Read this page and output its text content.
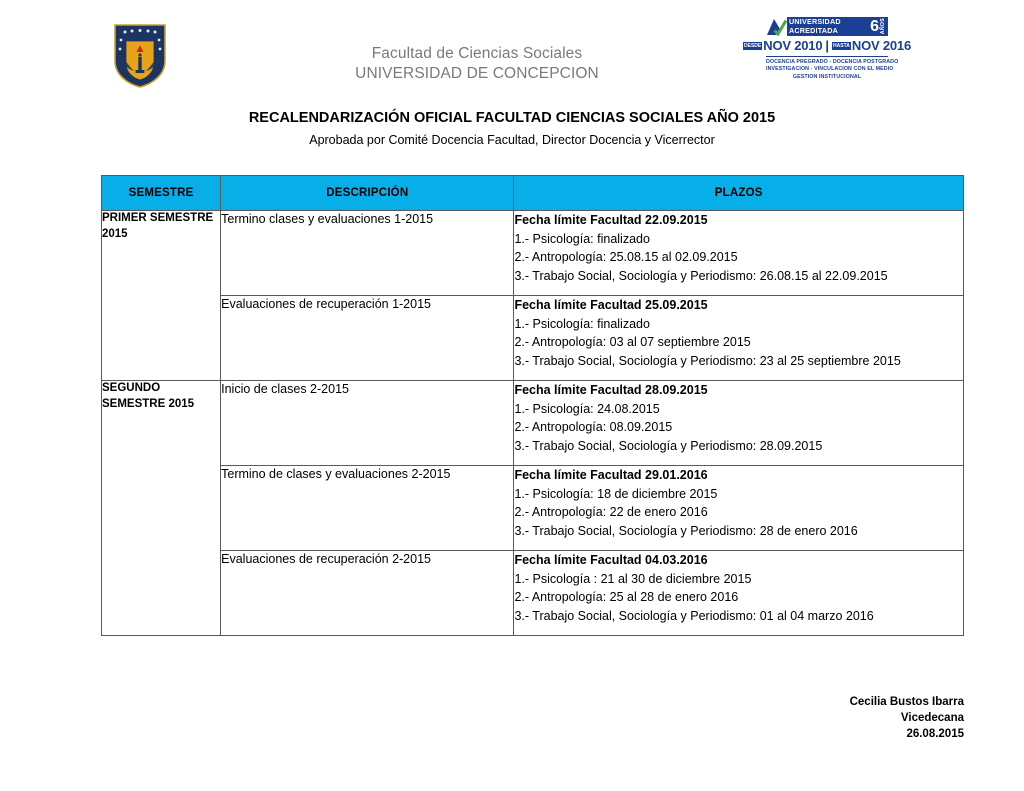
Facultad de Ciencias Sociales
UNIVERSIDAD DE CONCEPCION
UNIVERSIDAD
ACREDITADA	6 AÑOS
DESDE NOV 2010 | HASTA NOV 2016
DOCENCIA PREGRADO - DOCENCIA POSTGRADO
INVESTIGACION - VINCULACION CON EL MEDIO
GESTION INSTITUCIONAL
RECALENDARIZACIÓN OFICIAL FACULTAD CIENCIAS SOCIALES AÑO 2015
Aprobada por Comité Docencia Facultad, Director Docencia y Vicerrector
SEMESTRE	DESCRIPCIÓN	PLAZOS
PRIMER SEMESTRE 2015	Termino clases y evaluaciones 1-2015	Fecha límite Facultad 22.09.2015
1.- Psicología: finalizado
2.- Antropología: 25.08.15 al 02.09.2015
3.- Trabajo Social, Sociología y Periodismo: 26.08.15 al 22.09.2015

	Evaluaciones de recuperación 1-2015	Fecha límite Facultad 25.09.2015
1.- Psicología: finalizado
2.- Antropología: 03 al 07 septiembre 2015
3.- Trabajo Social, Sociología y Periodismo: 23 al 25 septiembre 2015

SEGUNDO SEMESTRE 2015	Inicio de clases 2-2015	Fecha límite Facultad 28.09.2015
1.- Psicología: 24.08.2015
2.- Antropología: 08.09.2015
3.- Trabajo Social, Sociología y Periodismo: 28.09.2015

	Termino de clases y evaluaciones 2-2015	Fecha límite Facultad 29.01.2016
1.- Psicología: 18 de diciembre 2015
2.- Antropología: 22 de enero 2016
3.- Trabajo Social, Sociología y Periodismo: 28 de enero 2016

	Evaluaciones de recuperación 2-2015	Fecha límite Facultad 04.03.2016
1.- Psicología : 21 al 30 de diciembre 2015
2.- Antropología: 25 al 28 de enero 2016
3.- Trabajo Social, Sociología y Periodismo: 01 al 04 marzo 2016
Cecilia Bustos Ibarra
Vicedecana
26.08.2015
